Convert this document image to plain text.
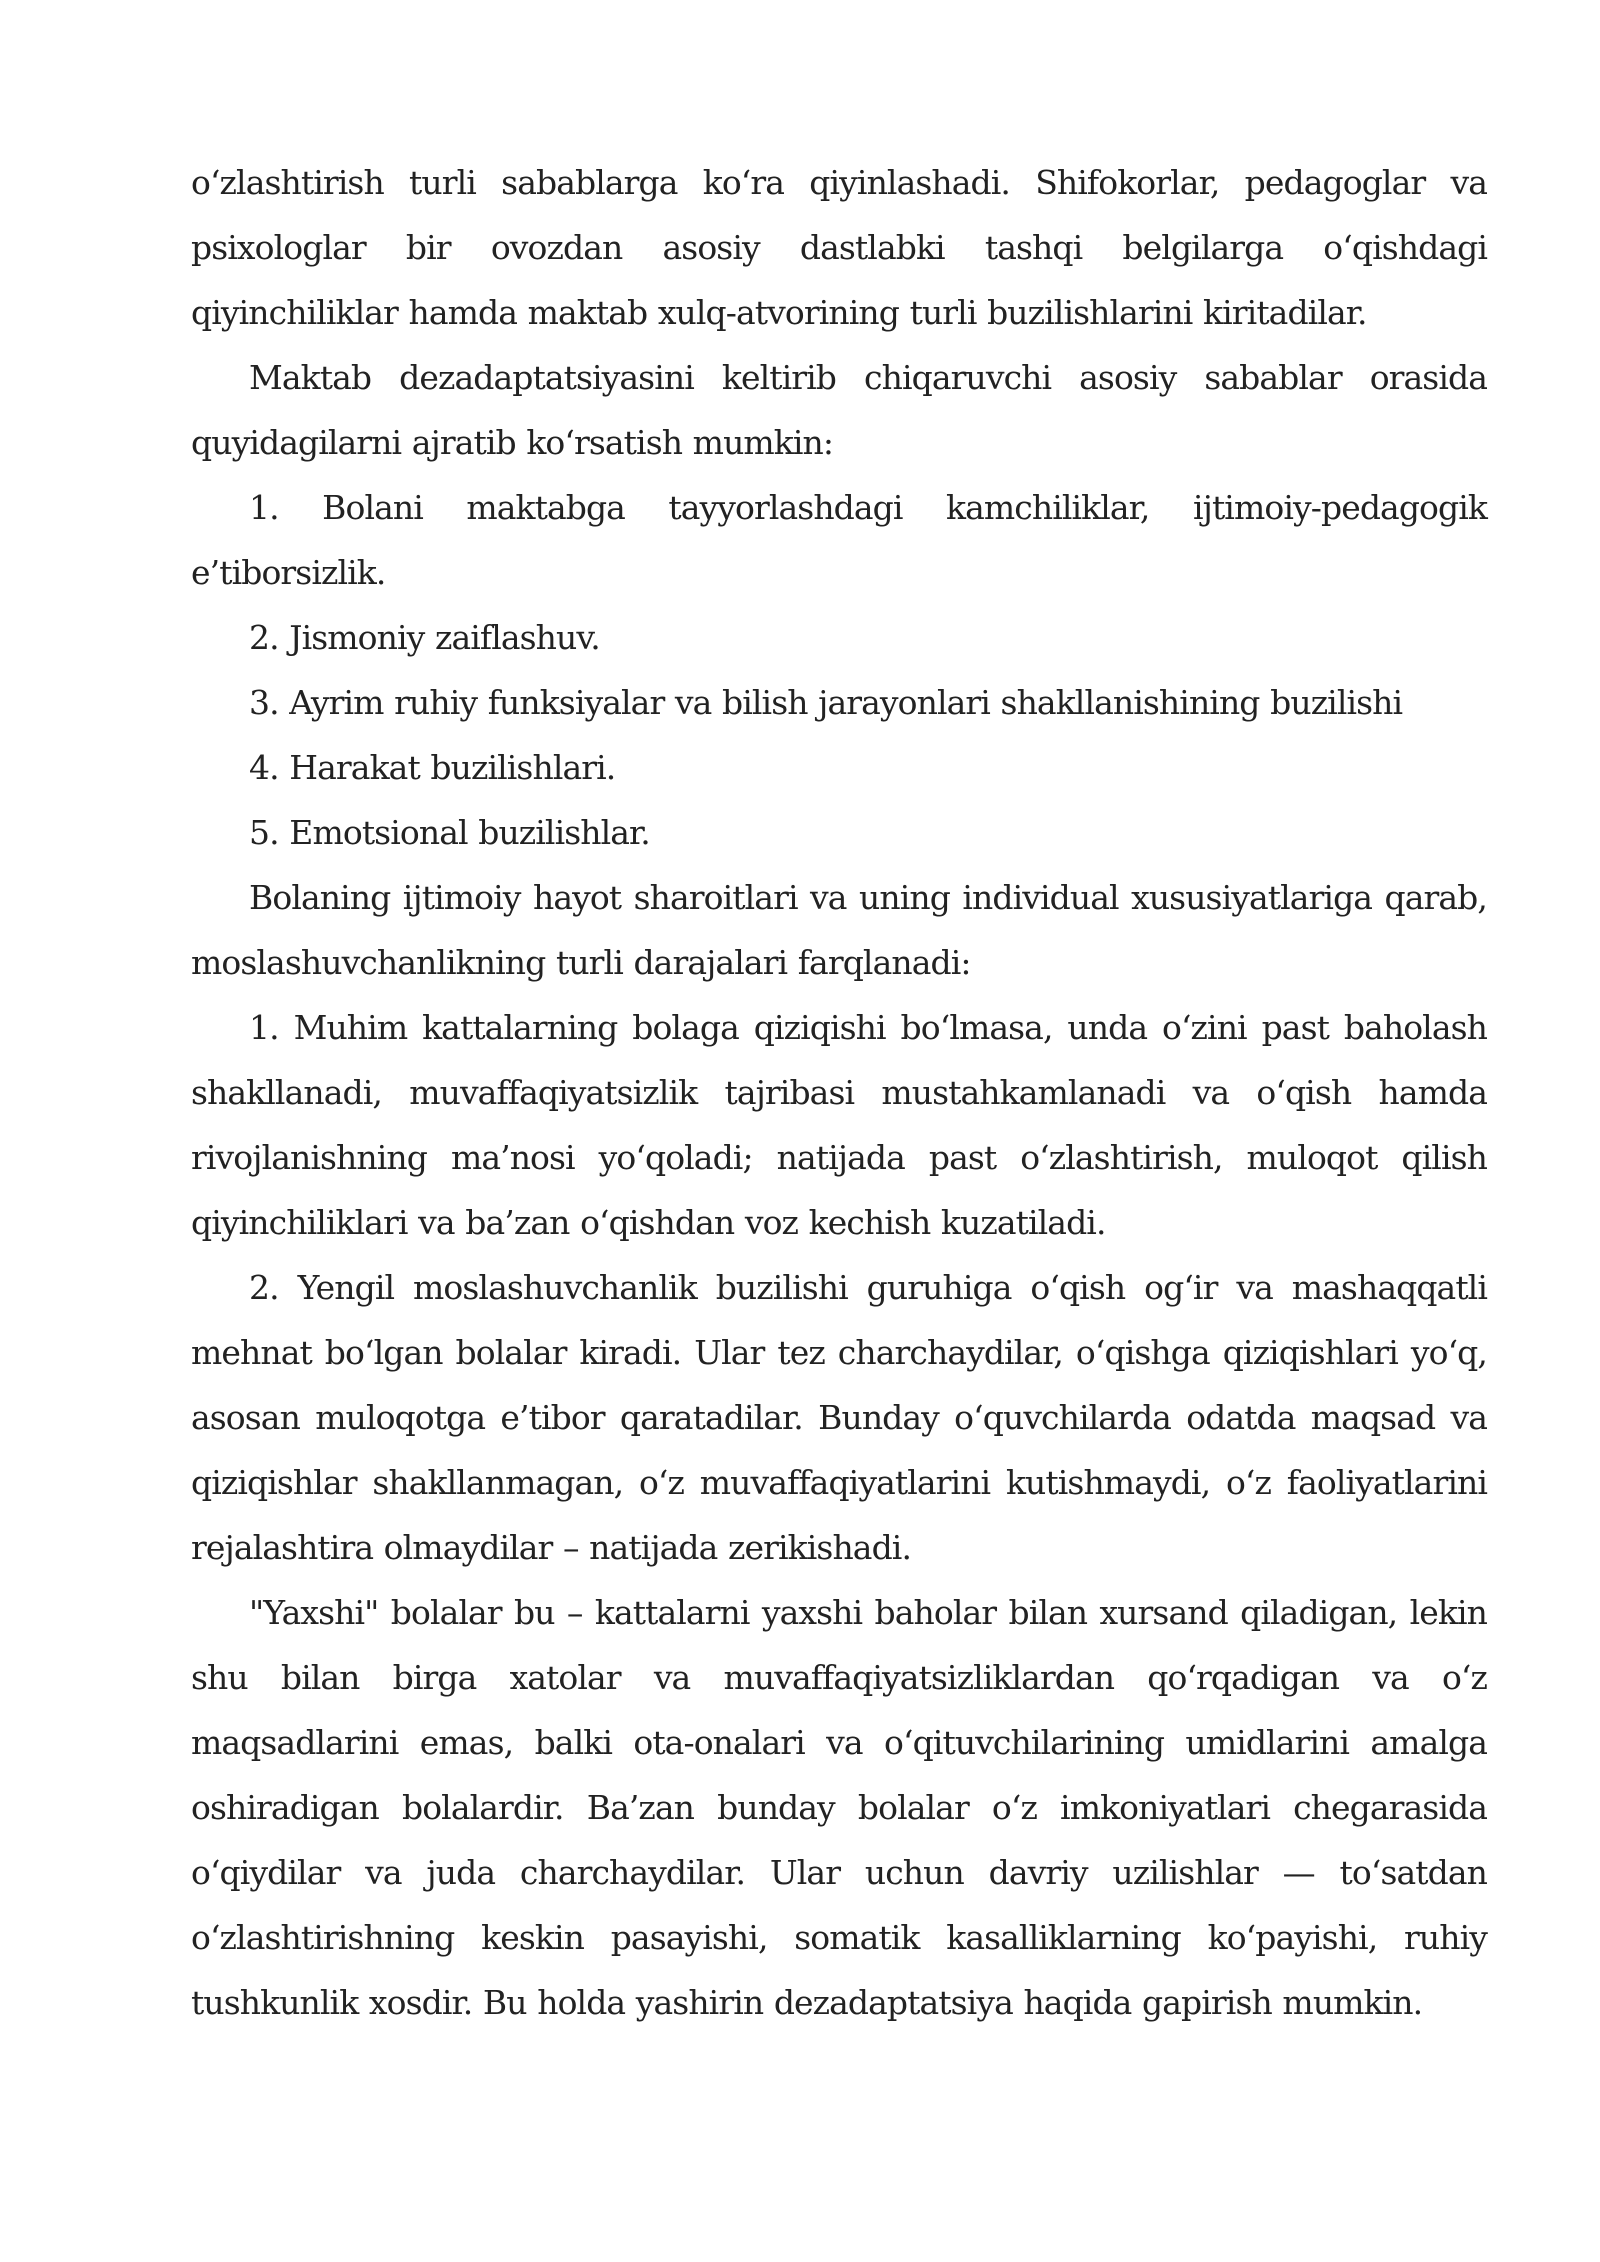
o‘zlashtirish turli sabablarga ko‘ra qiyinlashadi. Shifokorlar, pedagoglar va psixologlar bir ovozdan asosiy dastlabki tashqi belgilarga o‘qishdagi qiyinchiliklar hamda maktab xulq-atvorining turli buzilishlarini kiritadilar.

Maktab dezadaptatsiyasini keltirib chiqaruvchi asosiy sabablar orasida quyidagilarni ajratib ko‘rsatish mumkin:

1. Bolani maktabga tayyorlashdagi kamchiliklar, ijtimoiy-pedagogik e’tiborsizlik.

2. Jismoniy zaiflashuv.

3. Ayrim ruhiy funksiyalar va bilish jarayonlari shakllanishining buzilishi

4. Harakat buzilishlari.

5. Emotsional buzilishlar.

Bolaning ijtimoiy hayot sharoitlari va uning individual xususiyatlariga qarab, moslashuvchanlikning turli darajalari farqlanadi:

1. Muhim kattalarning bolaga qiziqishi bo‘lmasa, unda o‘zini past baholash shakllanadi, muvaffaqiyatsizlik tajribasi mustahkamlanadi va o‘qish hamda rivojlanishning ma’nosi yo‘qoladi; natijada past o‘zlashtirish, muloqot qilish qiyinchiliklari va ba’zan o‘qishdan voz kechish kuzatiladi.

2. Yengil moslashuvchanlik buzilishi guruhiga o‘qish og‘ir va mashaqqatli mehnat bo‘lgan bolalar kiradi. Ular tez charchaydilar, o‘qishga qiziqishlari yo‘q, asosan muloqotga e’tibor qaratadilar. Bunday o‘quvchilarda odatda maqsad va qiziqishlar shakllanmagan, o‘z muvaffaqiyatlarini kutishmaydi, o‘z faoliyatlarini rejalashtira olmaydilar – natijada zerikishadi.

"Yaxshi" bolalar bu – kattalarni yaxshi baholar bilan xursand qiladigan, lekin shu bilan birga xatolar va muvaffaqiyatsizliklardan qo‘rqadigan va o‘z maqsadlarini emas, balki ota-onalari va o‘qituvchilarining umidlarini amalga oshiradigan bolalardir. Ba’zan bunday bolalar o‘z imkoniyatlari chegarasida o‘qiydilar va juda charchaydilar. Ular uchun davriy uzilishlar — to‘satdan o‘zlashtirishning keskin pasayishi, somatik kasalliklarning ko‘payishi, ruhiy tushkunlik xosdir. Bu holda yashirin dezadaptatsiya haqida gapirish mumkin.
